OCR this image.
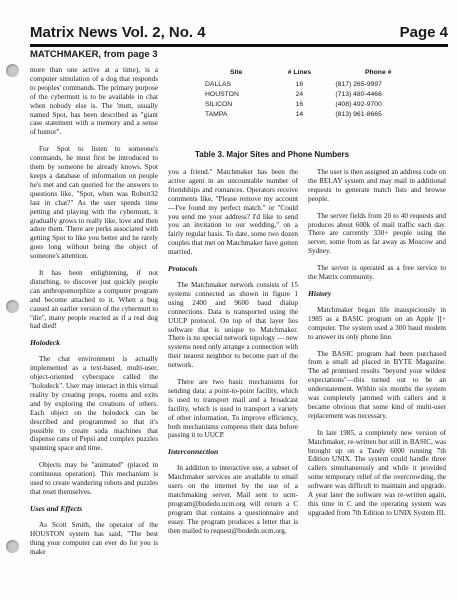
Matrix News Vol. 2, No. 4	Page 4
MATCHMAKER, from page 3
Site	# Lines	Phone #
DALLAS	16	(817) 265-9997
HOUSTON	24	(713) 480-4466
SILICON	16	(408) 492-9700
TAMPA	14	(813) 961-8665
Table 3. Major Sites and Phone Numbers

more than one active at a time), is a computer simulation of a dog that responds to peoples' commands. The primary purpose of the cybermutt is to be available in chat when nobody else is. The 'mutt, usually named Spot, has been described as "giant case statement with a memory and a sense of humor".

For Spot to listen to someone's commands, he must first be introduced to them by someone he already knows. Spot keeps a database of information on people he's met and can queried for the answers to questions like, "Spot, when was Robert32 last in chat?" As the user spends time petting and playing with the cybermutt, it gradually grows to really like, love and then adore them. There are perks associated with getting Spot to like you better and he rarely goes long without being the object of someone's attention.

It has been enlightening, if not disturbing, to discover just quickly people can anthropomorphize a computer program and become attached to it. When a bug caused an earlier version of the cybermutt to "die", many people reacted as if a real dog had died!

Holodeck

The chat environment is actually implemented as a text-based, multi-user, object-oriented cyberspace called the "holodeck". User may interact in this virtual reality by creating props, rooms and exits and by exploring the creations of others. Each object on the holodeck can be described and programmed so that it's possible to create soda machines that dispense cans of Pepsi and complex puzzles spanning space and time.

Objects may be "animated" (placed in continuous operation). This mechanism is used to create wandering robots and puzzles that reset themselves.

Uses and Effects

As Scott Smith, the operator of the HOUSTON system has said, "The best thing your computer can ever do for you is make

you a friend." Matchmaker has been the active agent in an uncountable number of friendships and romances. Operators receive comments like, "Please remove my account—I've found my perfect match." or "Could you send me your address? I'd like to send you an invitation to our wedding," on a fairly regular basis. To date, some two dozen couples that met on Matchmaker have gotten married.

Protocols

The Matchmaker network consists of 15 systems connected as shown in figure 1 using 2400 and 9600 baud dialup connections. Data is transported using the UUCP protocol. On top of that layer lies software that is unique to Matchmaker. There is no special network topology — new systems need only arrange a connection with their nearest neighbor to become part of the network.

There are two basic mechanisms for sending data: a point-to-point facility, which is used to transport mail and a broadcast facility, which is used to transport a variety of other information. To improve efficiency, both mechanisms compress their data before passing it to UUCP.

Interconnection

In addition to interactive use, a subset of Matchmaker services are available to email users on the internet by the use of a matchmaking server. Mail sent to ucm-program@bodedo.ucm.org will return a C program that contains a questionnaire and essay. The program produces a letter that is then mailed to request@bodedo.ucm.org.

The user is then assigned an address code on the RELAY system and may mail in additional requests to generate match lists and browse people.

The server fields from 20 to 40 requests and produces about 600k of mail traffic each day. There are currently 330+ people using the server, some from as far away as Moscow and Sydney.

The server is operated as a free service to the Matrix community.

History

Matchmaker began life inauspiciously in 1985 as a BASIC program on an Apple ][+ computer. The system used a 300 baud modem to answer its only phone line.

The BASIC program had been purchased from a small ad placed in BYTE Magazine. The ad promised results "beyond your wildest expectations"—this turned out to be an understatement. Within six months the system was completely jammed with callers and it became obvious that some kind of multi-user replacement was necessary.

In late 1985, a completely new version of Matchmaker, re-written but still in BASIC, was brought up on a Tandy 6000 running 7th Edition UNIX. The system could handle three callers simultaneously and while it provided some temporary relief of the overcrowding, the software was difficult to maintain and upgrade. A year later the software was re-written again, this time in C and the operating system was upgraded from 7th Edition to UNIX System III.
